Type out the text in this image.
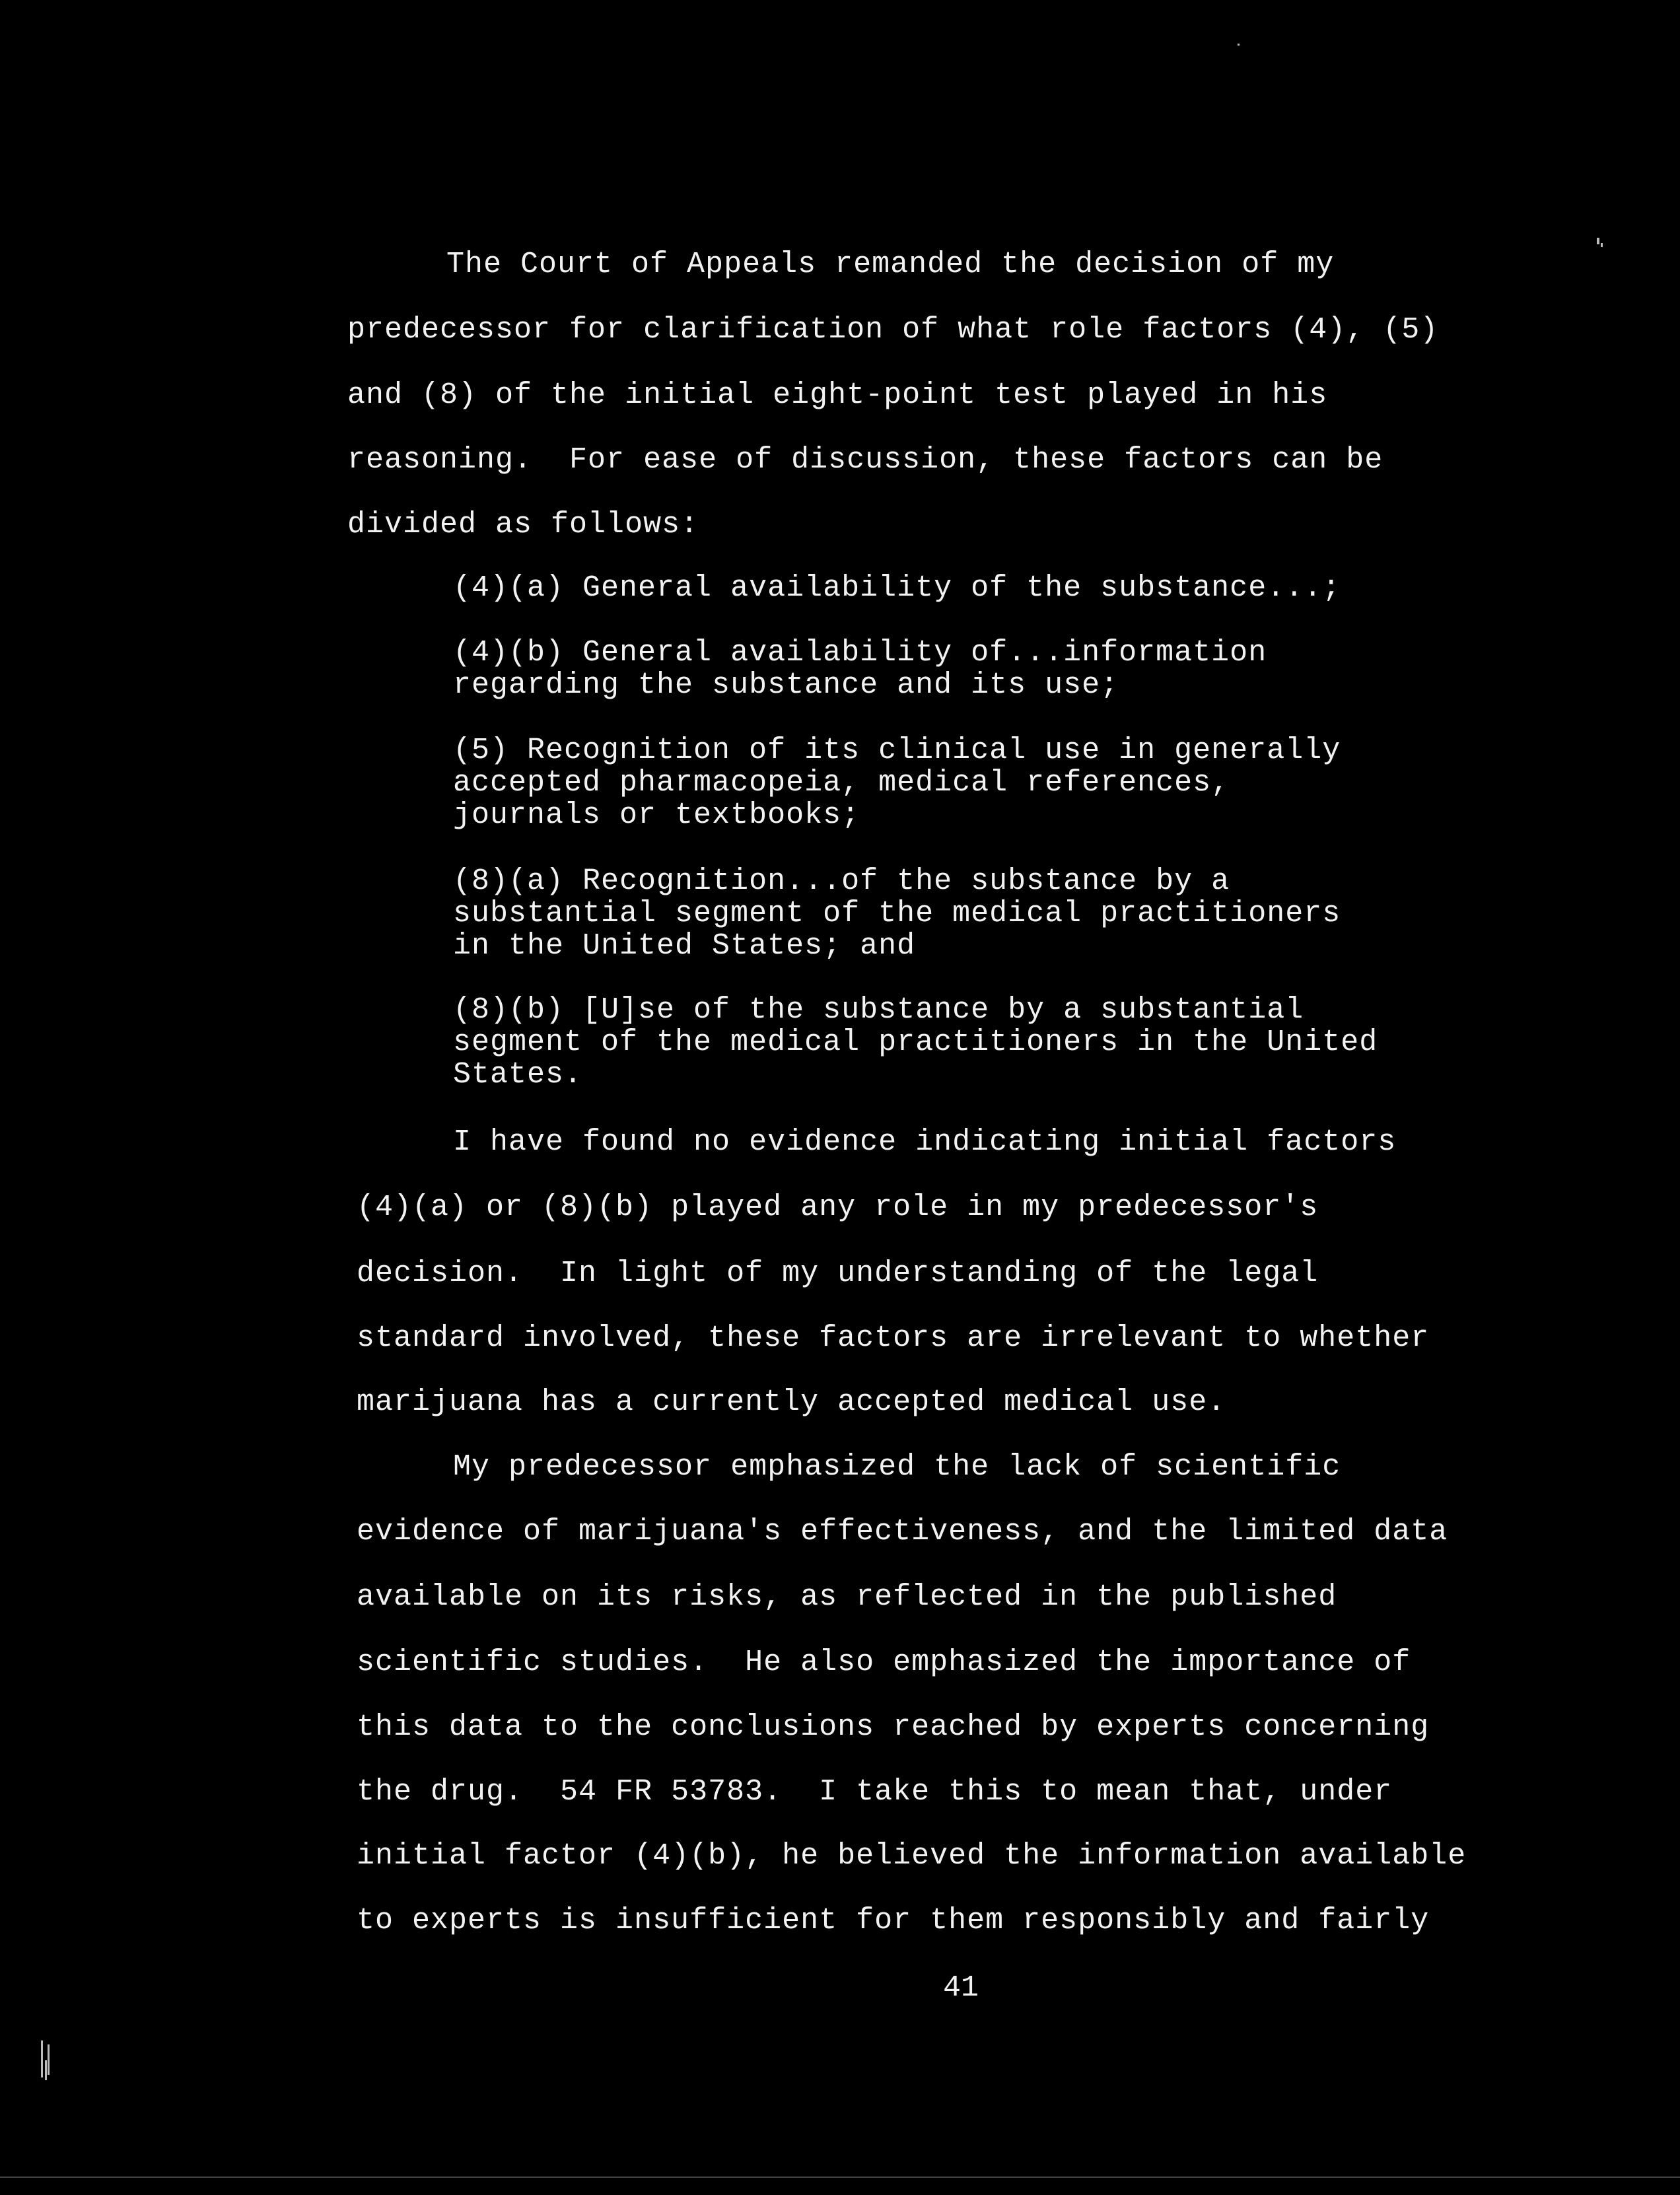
The Court of Appeals remanded the decision of my
predecessor for clarification of what role factors (4), (5)
and (8) of the initial eight-point test played in his
reasoning.  For ease of discussion, these factors can be
divided as follows:
(4)(a) General availability of the substance...;
(4)(b) General availability of...information
regarding the substance and its use;
(5) Recognition of its clinical use in generally
accepted pharmacopeia, medical references,
journals or textbooks;
(8)(a) Recognition...of the substance by a
substantial segment of the medical practitioners
in the United States; and
(8)(b) [U]se of the substance by a substantial
segment of the medical practitioners in the United
States.
I have found no evidence indicating initial factors
(4)(a) or (8)(b) played any role in my predecessor's
decision.  In light of my understanding of the legal
standard involved, these factors are irrelevant to whether
marijuana has a currently accepted medical use.
My predecessor emphasized the lack of scientific
evidence of marijuana's effectiveness, and the limited data
available on its risks, as reflected in the published
scientific studies.  He also emphasized the importance of
this data to the conclusions reached by experts concerning
the drug.  54 FR 53783.  I take this to mean that, under
initial factor (4)(b), he believed the information available
to experts is insufficient for them responsibly and fairly
41
